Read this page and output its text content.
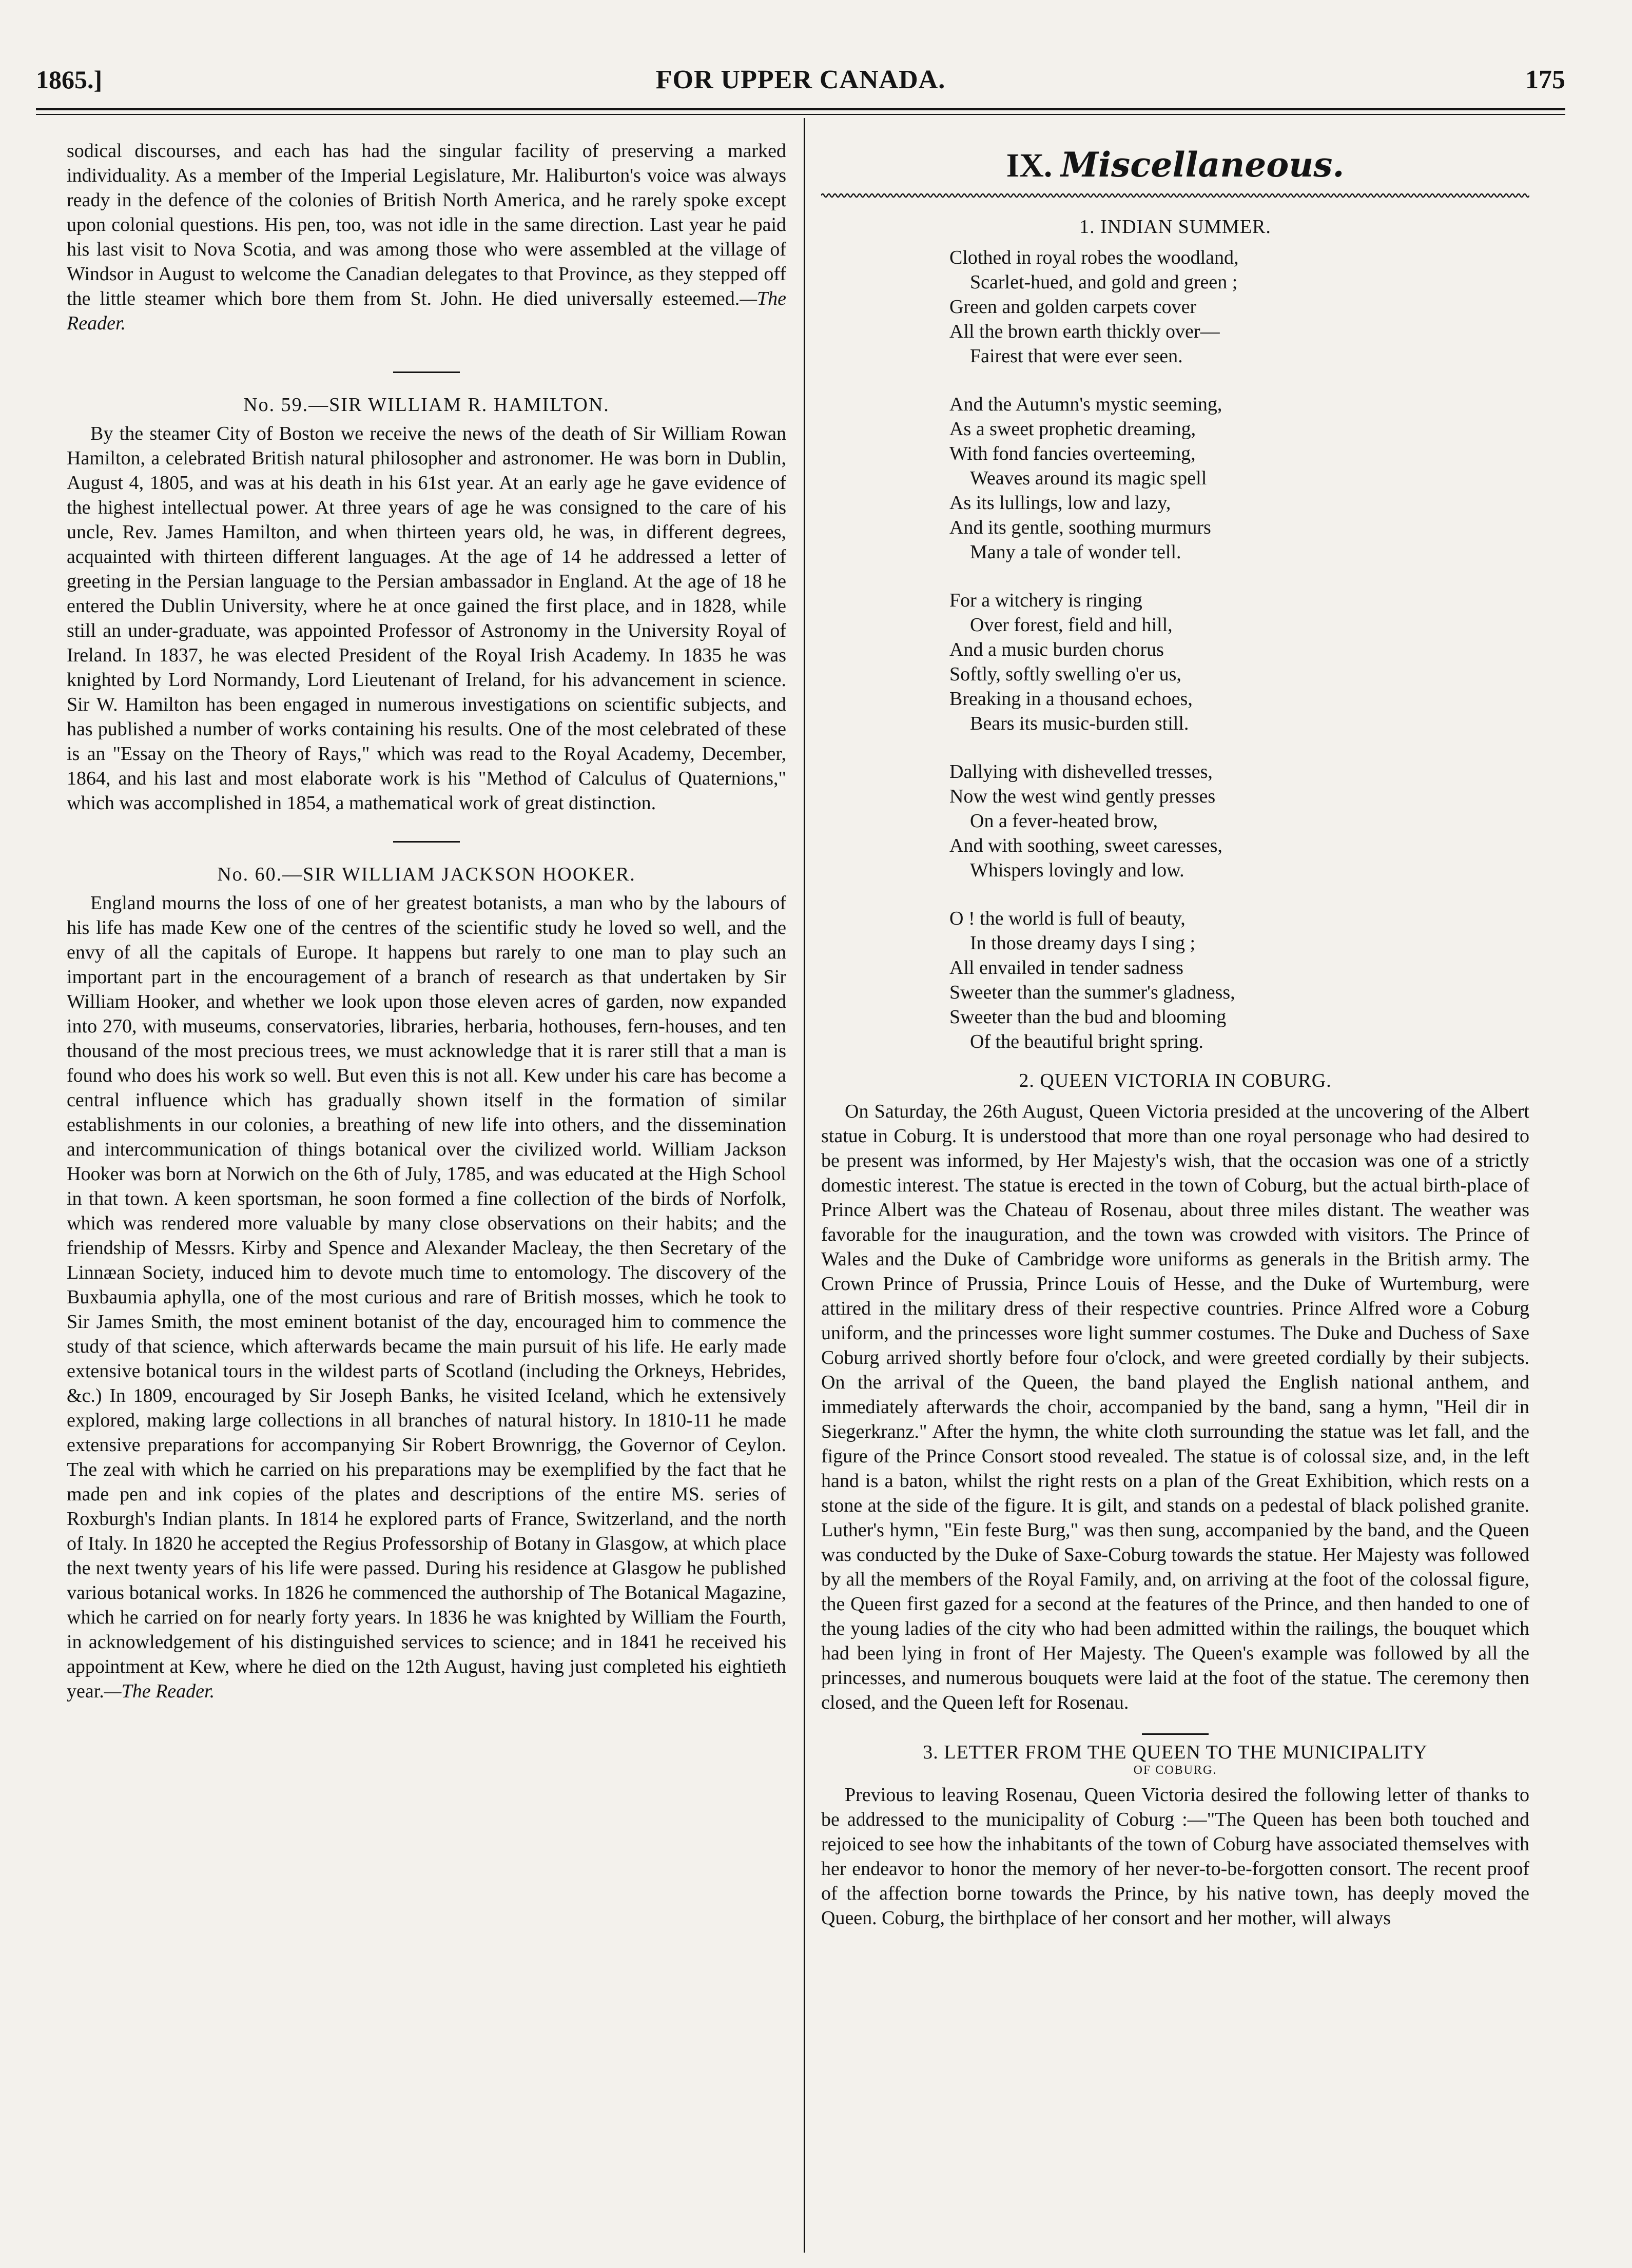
1865.]	FOR UPPER CANADA.	175

sodical discourses, and each has had the singular facility of preserving a marked individuality. As a member of the Imperial Legislature, Mr. Haliburton's voice was always ready in the defence of the colonies of British North America, and he rarely spoke except upon colonial questions. His pen, too, was not idle in the same direction. Last year he paid his last visit to Nova Scotia, and was among those who were assembled at the village of Windsor in August to welcome the Canadian delegates to that Province, as they stepped off the little steamer which bore them from St. John. He died universally esteemed.—The Reader.

No. 59.—SIR WILLIAM R. HAMILTON.

By the steamer City of Boston we receive the news of the death of Sir William Rowan Hamilton, a celebrated British natural philosopher and astronomer. He was born in Dublin, August 4, 1805, and was at his death in his 61st year. At an early age he gave evidence of the highest intellectual power. At three years of age he was consigned to the care of his uncle, Rev. James Hamilton, and when thirteen years old, he was, in different degrees, acquainted with thirteen different languages. At the age of 14 he addressed a letter of greeting in the Persian language to the Persian ambassador in England. At the age of 18 he entered the Dublin University, where he at once gained the first place, and in 1828, while still an under-graduate, was appointed Professor of Astronomy in the University Royal of Ireland. In 1837, he was elected President of the Royal Irish Academy. In 1835 he was knighted by Lord Normandy, Lord Lieutenant of Ireland, for his advancement in science. Sir W. Hamilton has been engaged in numerous investigations on scientific subjects, and has published a number of works containing his results. One of the most celebrated of these is an "Essay on the Theory of Rays," which was read to the Royal Academy, December, 1864, and his last and most elaborate work is his "Method of Calculus of Quaternions," which was accomplished in 1854, a mathematical work of great distinction.

No. 60.—SIR WILLIAM JACKSON HOOKER.

England mourns the loss of one of her greatest botanists, a man who by the labours of his life has made Kew one of the centres of the scientific study he loved so well, and the envy of all the capitals of Europe. It happens but rarely to one man to play such an important part in the encouragement of a branch of research as that undertaken by Sir William Hooker, and whether we look upon those eleven acres of garden, now expanded into 270, with museums, conservatories, libraries, herbaria, hothouses, fern-houses, and ten thousand of the most precious trees, we must acknowledge that it is rarer still that a man is found who does his work so well. But even this is not all. Kew under his care has become a central influence which has gradually shown itself in the formation of similar establishments in our colonies, a breathing of new life into others, and the dissemination and intercommunication of things botanical over the civilized world. William Jackson Hooker was born at Norwich on the 6th of July, 1785, and was educated at the High School in that town. A keen sportsman, he soon formed a fine collection of the birds of Norfolk, which was rendered more valuable by many close observations on their habits; and the friendship of Messrs. Kirby and Spence and Alexander Macleay, the then Secretary of the Linnæan Society, induced him to devote much time to entomology. The discovery of the Buxbaumia aphylla, one of the most curious and rare of British mosses, which he took to Sir James Smith, the most eminent botanist of the day, encouraged him to commence the study of that science, which afterwards became the main pursuit of his life. He early made extensive botanical tours in the wildest parts of Scotland (including the Orkneys, Hebrides, &c.) In 1809, encouraged by Sir Joseph Banks, he visited Iceland, which he extensively explored, making large collections in all branches of natural history. In 1810-11 he made extensive preparations for accompanying Sir Robert Brownrigg, the Governor of Ceylon. The zeal with which he carried on his preparations may be exemplified by the fact that he made pen and ink copies of the plates and descriptions of the entire MS. series of Roxburgh's Indian plants. In 1814 he explored parts of France, Switzerland, and the north of Italy. In 1820 he accepted the Regius Professorship of Botany in Glasgow, at which place the next twenty years of his life were passed. During his residence at Glasgow he published various botanical works. In 1826 he commenced the authorship of The Botanical Magazine, which he carried on for nearly forty years. In 1836 he was knighted by William the Fourth, in acknowledgement of his distinguished services to science; and in 1841 he received his appointment at Kew, where he died on the 12th August, having just completed his eightieth year.—The Reader.

IX. Miscellaneous.
1. INDIAN SUMMER.
Clothed in royal robes the woodland,
Scarlet-hued, and gold and green ;
Green and golden carpets cover
All the brown earth thickly over—
Fairest that were ever seen.
And the Autumn's mystic seeming,
As a sweet prophetic dreaming,
With fond fancies overteeming,
Weaves around its magic spell
As its lullings, low and lazy,
And its gentle, soothing murmurs
Many a tale of wonder tell.
For a witchery is ringing
Over forest, field and hill,
And a music burden chorus
Softly, softly swelling o'er us,
Breaking in a thousand echoes,
Bears its music-burden still.
Dallying with dishevelled tresses,
Now the west wind gently presses
On a fever-heated brow,
And with soothing, sweet caresses,
Whispers lovingly and low.
O ! the world is full of beauty,
In those dreamy days I sing ;
All envailed in tender sadness
Sweeter than the summer's gladness,
Sweeter than the bud and blooming
Of the beautiful bright spring.
2. QUEEN VICTORIA IN COBURG.

On Saturday, the 26th August, Queen Victoria presided at the uncovering of the Albert statue in Coburg. It is understood that more than one royal personage who had desired to be present was informed, by Her Majesty's wish, that the occasion was one of a strictly domestic interest. The statue is erected in the town of Coburg, but the actual birth-place of Prince Albert was the Chateau of Rosenau, about three miles distant. The weather was favorable for the inauguration, and the town was crowded with visitors. The Prince of Wales and the Duke of Cambridge wore uniforms as generals in the British army. The Crown Prince of Prussia, Prince Louis of Hesse, and the Duke of Wurtemburg, were attired in the military dress of their respective countries. Prince Alfred wore a Coburg uniform, and the princesses wore light summer costumes. The Duke and Duchess of Saxe Coburg arrived shortly before four o'clock, and were greeted cordially by their subjects. On the arrival of the Queen, the band played the English national anthem, and immediately afterwards the choir, accompanied by the band, sang a hymn, "Heil dir in Siegerkranz." After the hymn, the white cloth surrounding the statue was let fall, and the figure of the Prince Consort stood revealed. The statue is of colossal size, and, in the left hand is a baton, whilst the right rests on a plan of the Great Exhibition, which rests on a stone at the side of the figure. It is gilt, and stands on a pedestal of black polished granite. Luther's hymn, "Ein feste Burg," was then sung, accompanied by the band, and the Queen was conducted by the Duke of Saxe-Coburg towards the statue. Her Majesty was followed by all the members of the Royal Family, and, on arriving at the foot of the colossal figure, the Queen first gazed for a second at the features of the Prince, and then handed to one of the young ladies of the city who had been admitted within the railings, the bouquet which had been lying in front of Her Majesty. The Queen's example was followed by all the princesses, and numerous bouquets were laid at the foot of the statue. The ceremony then closed, and the Queen left for Rosenau.

3. LETTER FROM THE QUEEN TO THE MUNICIPALITY
OF COBURG.

Previous to leaving Rosenau, Queen Victoria desired the following letter of thanks to be addressed to the municipality of Coburg :—"The Queen has been both touched and rejoiced to see how the inhabitants of the town of Coburg have associated themselves with her endeavor to honor the memory of her never-to-be-forgotten consort. The recent proof of the affection borne towards the Prince, by his native town, has deeply moved the Queen. Coburg, the birthplace of her consort and her mother, will always
